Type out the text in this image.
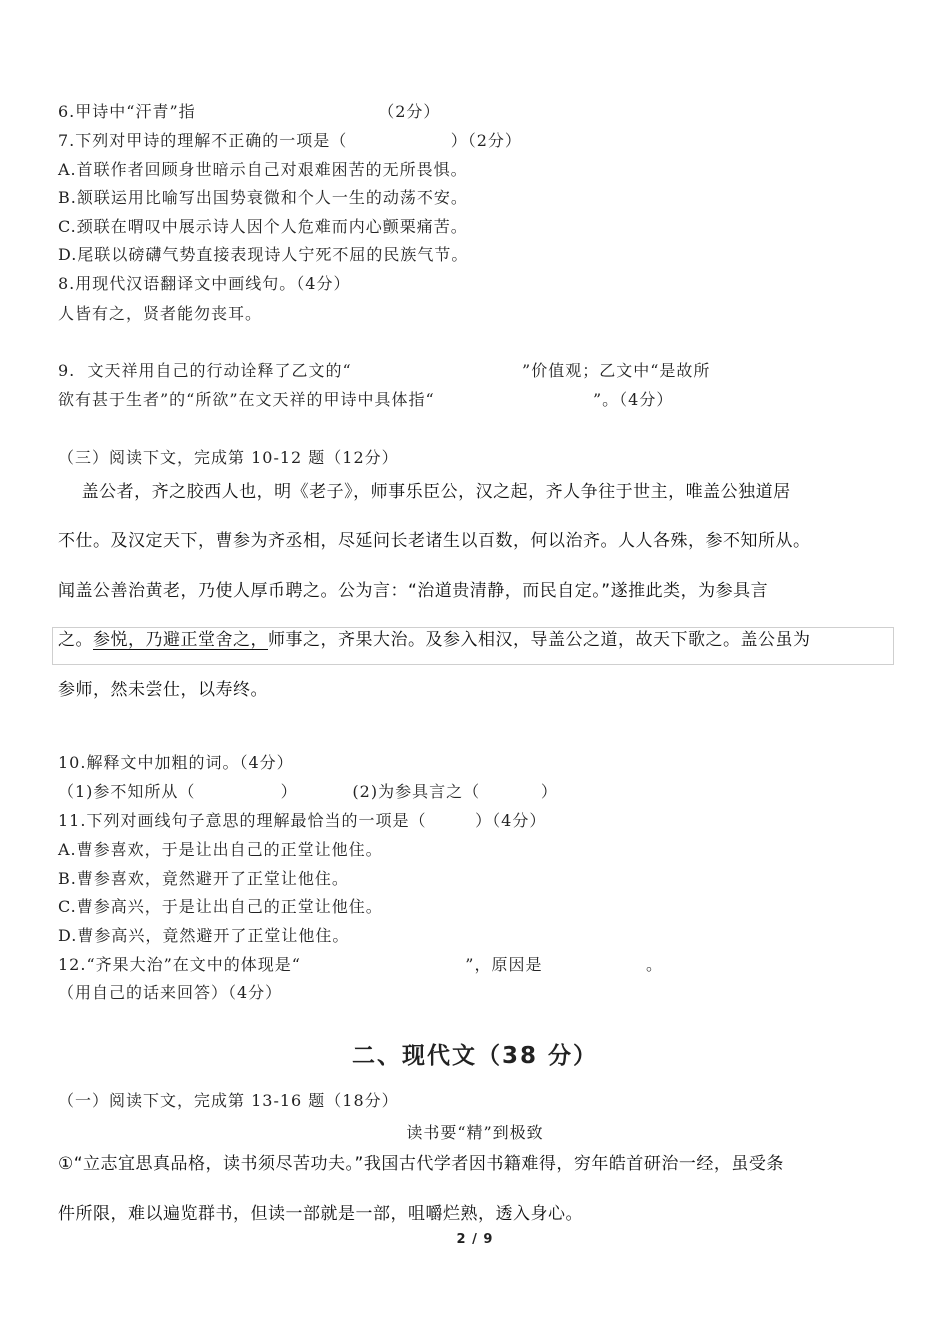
6.甲诗中“汗青”指                              （2分）
7.下列对甲诗的理解不正确的一项是（                 ）（2分）
A.首联作者回顾身世暗示自己对艰难困苦的无所畏惧。
B.颔联运用比喻写出国势衰微和个人一生的动荡不安。
C.颈联在喟叹中展示诗人因个人危难而内心颤栗痛苦。
D.尾联以磅礴气势直接表现诗人宁死不屈的民族气节。
8.用现代汉语翻译文中画线句。（4分）
人皆有之，贤者能勿丧耳。
9.  文天祥用自己的行动诠释了乙文的“                            ”价值观；乙文中“是故所
欲有甚于生者”的“所欲”在文天祥的甲诗中具体指“                          ”。（4分）
（三）阅读下文，完成第 10-12 题（12分）
盖公者，齐之胶西人也，明《老子》，师事乐臣公，汉之起，齐人争往于世主，唯盖公独道居
不仕。及汉定天下，曹参为齐丞相，尽延问长老诸生以百数，何以治齐。人人各殊，参不知所从。
闻盖公善治黄老，乃使人厚币聘之。公为言：“治道贵清静，而民自定。”遂推此类，为参具言
之。参悦，乃避正堂舍之，师事之，齐果大治。及参入相汉，导盖公之道，故天下歌之。盖公虽为
参师，然未尝仕，以寿终。
10.解释文中加粗的词。（4分）
（1)参不知所从（              ）         (2)为参具言之（          ）
11.下列对画线句子意思的理解最恰当的一项是（        ）（4分）
A.曹参喜欢，于是让出自己的正堂让他住。
B.曹参喜欢，竟然避开了正堂让他住。
C.曹参高兴，于是让出自己的正堂让他住。
D.曹参高兴，竟然避开了正堂让他住。
12.“齐果大治”在文中的体现是“                           ”，原因是                 。
（用自己的话来回答）（4分）
二、现代文（38 分）
（一）阅读下文，完成第 13-16 题（18分）
读书要“精”到极致
①“立志宜思真品格，读书须尽苦功夫。”我国古代学者因书籍难得，穷年皓首研治一经，虽受条
件所限，难以遍览群书，但读一部就是一部，咀嚼烂熟，透入身心。
2 / 9
